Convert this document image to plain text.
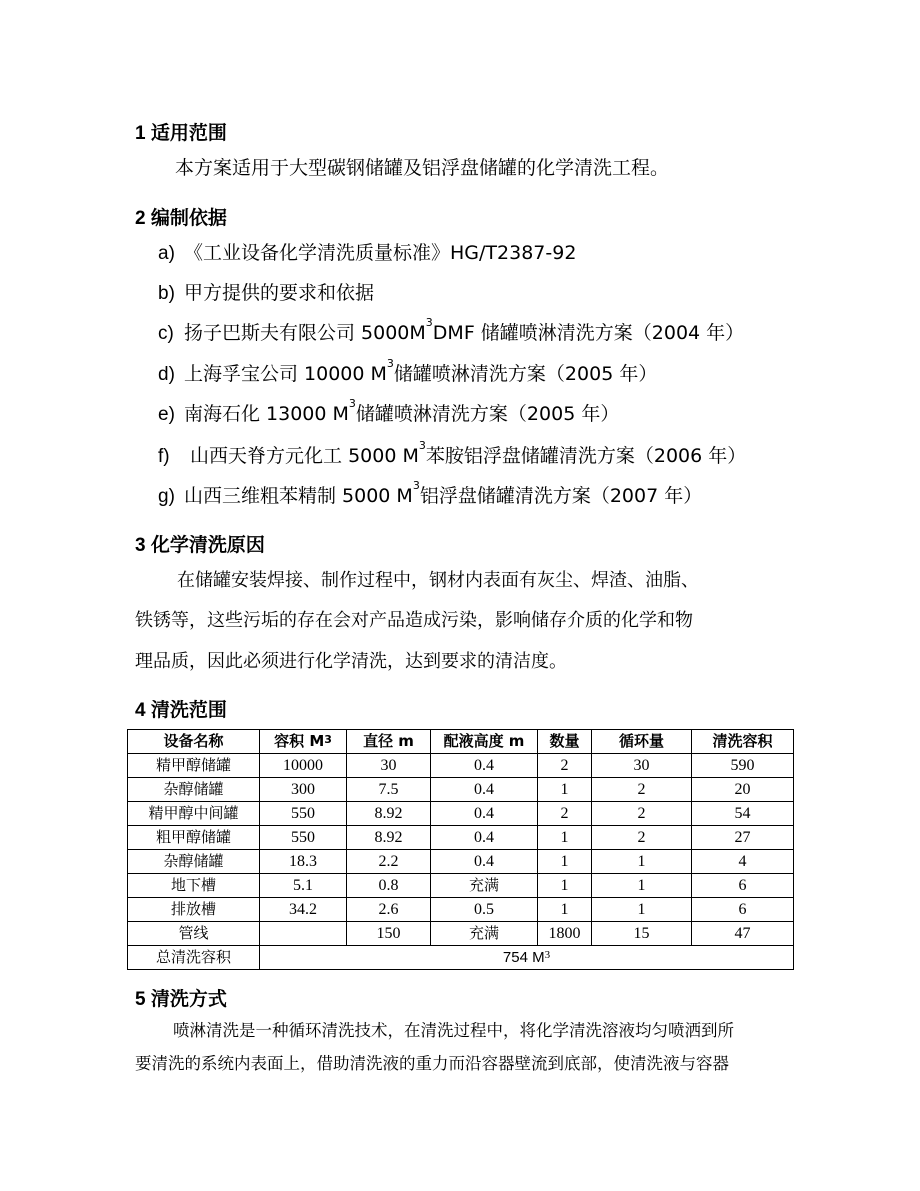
1 适用范围
本方案适用于大型碳钢储罐及铝浮盘储罐的化学清洗工程。
2 编制依据
a) 《工业设备化学清洗质量标准》HG/T2387-92
b) 甲方提供的要求和依据
c) 扬子巴斯夫有限公司 $5000M^3DMF$ 储罐喷淋清洗方案（2004 年）
d) 上海孚宝公司 10000 $M^3$储罐喷淋清洗方案（2005 年）
e) 南海石化 13000 $M^3$储罐喷淋清洗方案（2005 年）
f) 山西天脊方元化工 5000 $M^3$苯胺铝浮盘储罐清洗方案（2006 年）
g) 山西三维粗苯精制 5000 $M^3$铝浮盘储罐清洗方案（2007 年）
3 化学清洗原因
在储罐安装焊接、制作过程中，钢材内表面有灰尘、焊渣、油脂、
铁锈等，这些污垢的存在会对产品造成污染，影响储存介质的化学和物
理品质，因此必须进行化学清洗，达到要求的清洁度。
4 清洗范围
设备名称	容积 $M^3$	直径 m	配液高度 m	数量	循环量	清洗容积
精甲醇储罐	10000	30	0.4	2	30	590
杂醇储罐	300	7.5	0.4	1	2	20
精甲醇中间罐	550	8.92	0.4	2	2	54
粗甲醇储罐	550	8.92	0.4	1	2	27
杂醇储罐	18.3	2.2	0.4	1	1	4
地下槽	5.1	0.8	充满	1	1	6
排放槽	34.2	2.6	0.5	1	1	6
管线		150	充满	1800	15	47
总清洗容积	754 $M^3$
5 清洗方式
喷淋清洗是一种循环清洗技术，在清洗过程中，将化学清洗溶液均匀喷洒到所
要清洗的系统内表面上，借助清洗液的重力而沿容器壁流到底部，使清洗液与容器
